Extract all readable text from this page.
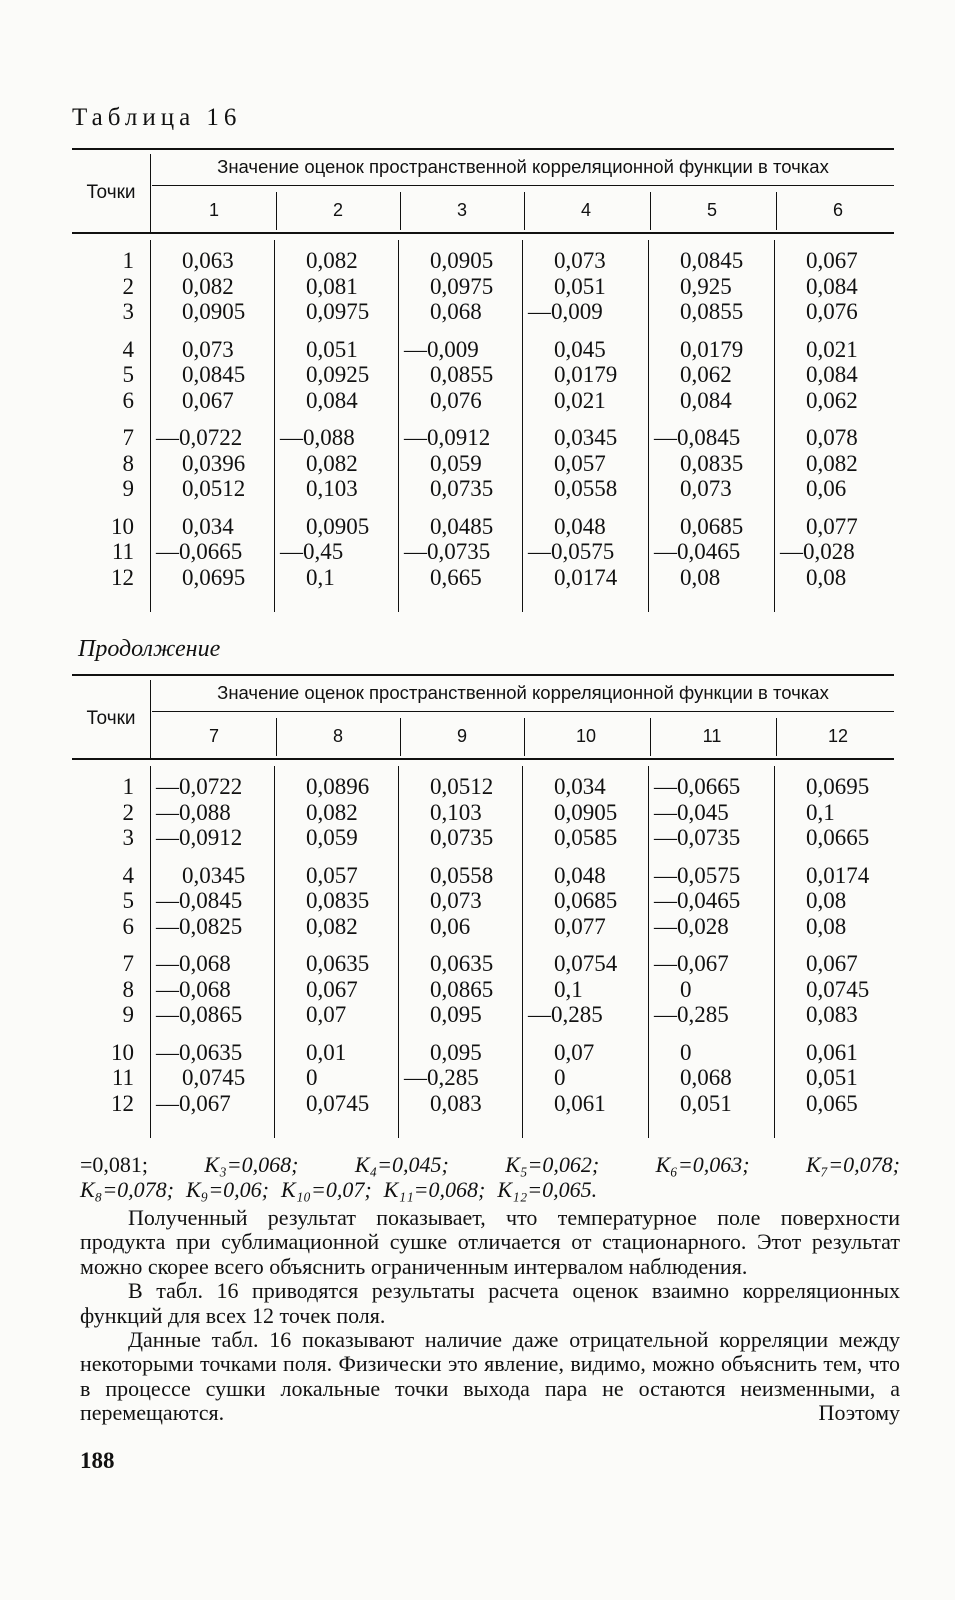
Таблица 16
Точки
Значение оценок пространственной корреляционной функции в точках
1	2	3	4	5	6
1 0,063	0,082	0,0905	0,073	0,0845	0,067
2 0,082	0,081	0,0975	0,051	0,925	0,084
3 0,0905	0,0975	0,068 —0,009	0,0855	0,076
4 0,073	0,051 —0,009	0,045	0,0179	0,021
5 0,0845	0,0925	0,0855	0,0179	0,062	0,084
6 0,067	0,084	0,076	0,021	0,084	0,062
7 —0,0722 —0,088 —0,0912	0,0345 —0,0845	0,078
8 0,0396	0,082	0,059	0,057	0,0835	0,082
9 0,0512	0,103	0,0735	0,0558	0,073	0,06
10 0,034	0,0905	0,0485	0,048	0,0685	0,077
11 —0,0665 —0,45	—0,0735 —0,0575 —0,0465 —0,028
12 0,0695	0,1	0,665	0,0174	0,08	0,08
Продолжение
Точки
Значение оценок пространственной корреляционной функции в точках
7	8	9	10	11	12
1 —0,0722	0,0896	0,0512	0,034 —0,0665	0,0695
2 —0,088	0,082	0,103	0,0905 —0,045	0,1
3 —0,0912	0,059	0,0735	0,0585 —0,0735	0,0665
4 0,0345	0,057	0,0558	0,048 —0,0575	0,0174
5 —0,0845	0,0835	0,073	0,0685 —0,0465	0,08
6 —0,0825	0,082	0,06	0,077 —0,028	0,08
7 —0,068	0,0635	0,0635	0,0754 —0,067	0,067
8 —0,068	0,067	0,0865	0,1	0	0,0745
9 —0,0865	0,07	0,095 —0,285 —0,285	0,083
10 —0,0635	0,01	0,095	0,07	0	0,061
11 0,0745	0	—0,285	0	0,068	0,051
12 —0,067	0,0745	0,083	0,061	0,051	0,065
=0,081;	K₃=0,068;	K₄=0,045;	K₅=0,062;	K₆=0,063;	K₇=0,078;
K₈=0,078; K₉=0,06; K₁₀=0,07; K₁₁=0,068; K₁₂=0,065.

Полученный результат показывает, что температурное поле поверхности продукта при сублимационной сушке отличается от стационарного. Этот результат можно скорее всего объяснить ограниченным интервалом наблюдения.

В табл. 16 приводятся результаты расчета оценок взаимно корреляционных функций для всех 12 точек поля.

Данные табл. 16 показывают наличие даже отрицательной корреляции между некоторыми точками поля. Физически это явление, видимо, можно объяснить тем, что в процессе сушки локальные точки выхода пара не остаются неизменными, а перемещаются. Поэтому

188
